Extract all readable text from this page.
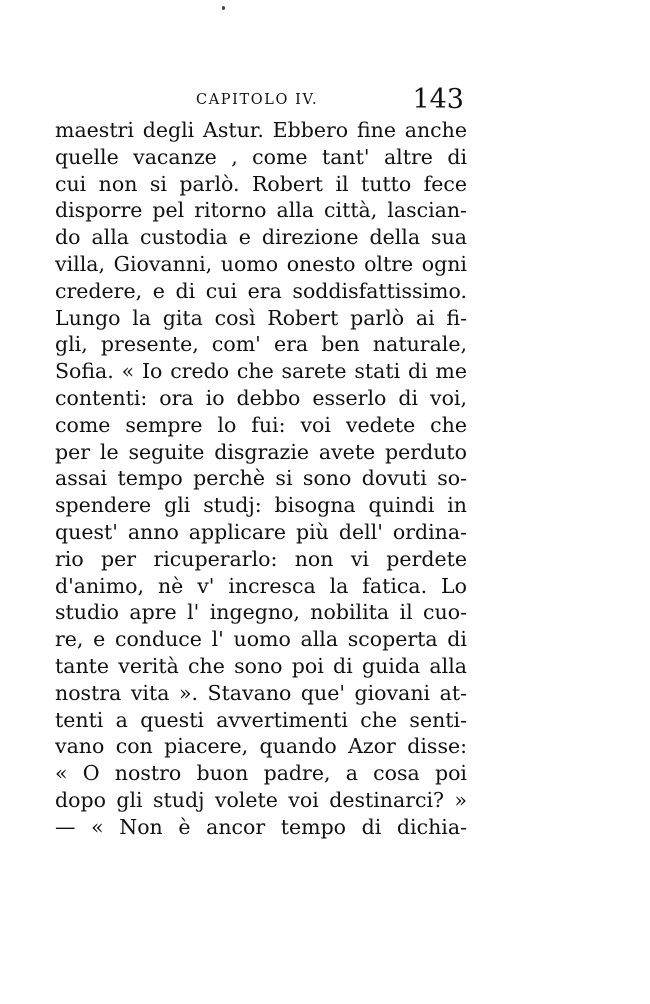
CAPITOLO IV.	143
maestri degli Astur. Ebbero fine anche
quelle vacanze , come tant' altre di
cui non si parlò. Robert il tutto fece
disporre pel ritorno alla città, lascian-
do alla custodia e direzione della sua
villa, Giovanni, uomo onesto oltre ogni
credere, e di cui era soddisfattissimo.
Lungo la gita così Robert parlò ai fi-
gli, presente, com' era ben naturale,
Sofia. « Io credo che sarete stati di me
contenti: ora io debbo esserlo di voi,
come sempre lo fui: voi vedete che
per le seguite disgrazie avete perduto
assai tempo perchè si sono dovuti so-
spendere gli studj: bisogna quindi in
quest' anno applicare più dell' ordina-
rio per ricuperarlo: non vi perdete
d'animo, nè v' incresca la fatica. Lo
studio apre l' ingegno, nobilita il cuo-
re, e conduce l' uomo alla scoperta di
tante verità che sono poi di guida alla
nostra vita ». Stavano que' giovani at-
tenti a questi avvertimenti che senti-
vano con piacere, quando Azor disse:
« O nostro buon padre, a cosa poi
dopo gli studj volete voi destinarci? »
— « Non è ancor tempo di dichia-
